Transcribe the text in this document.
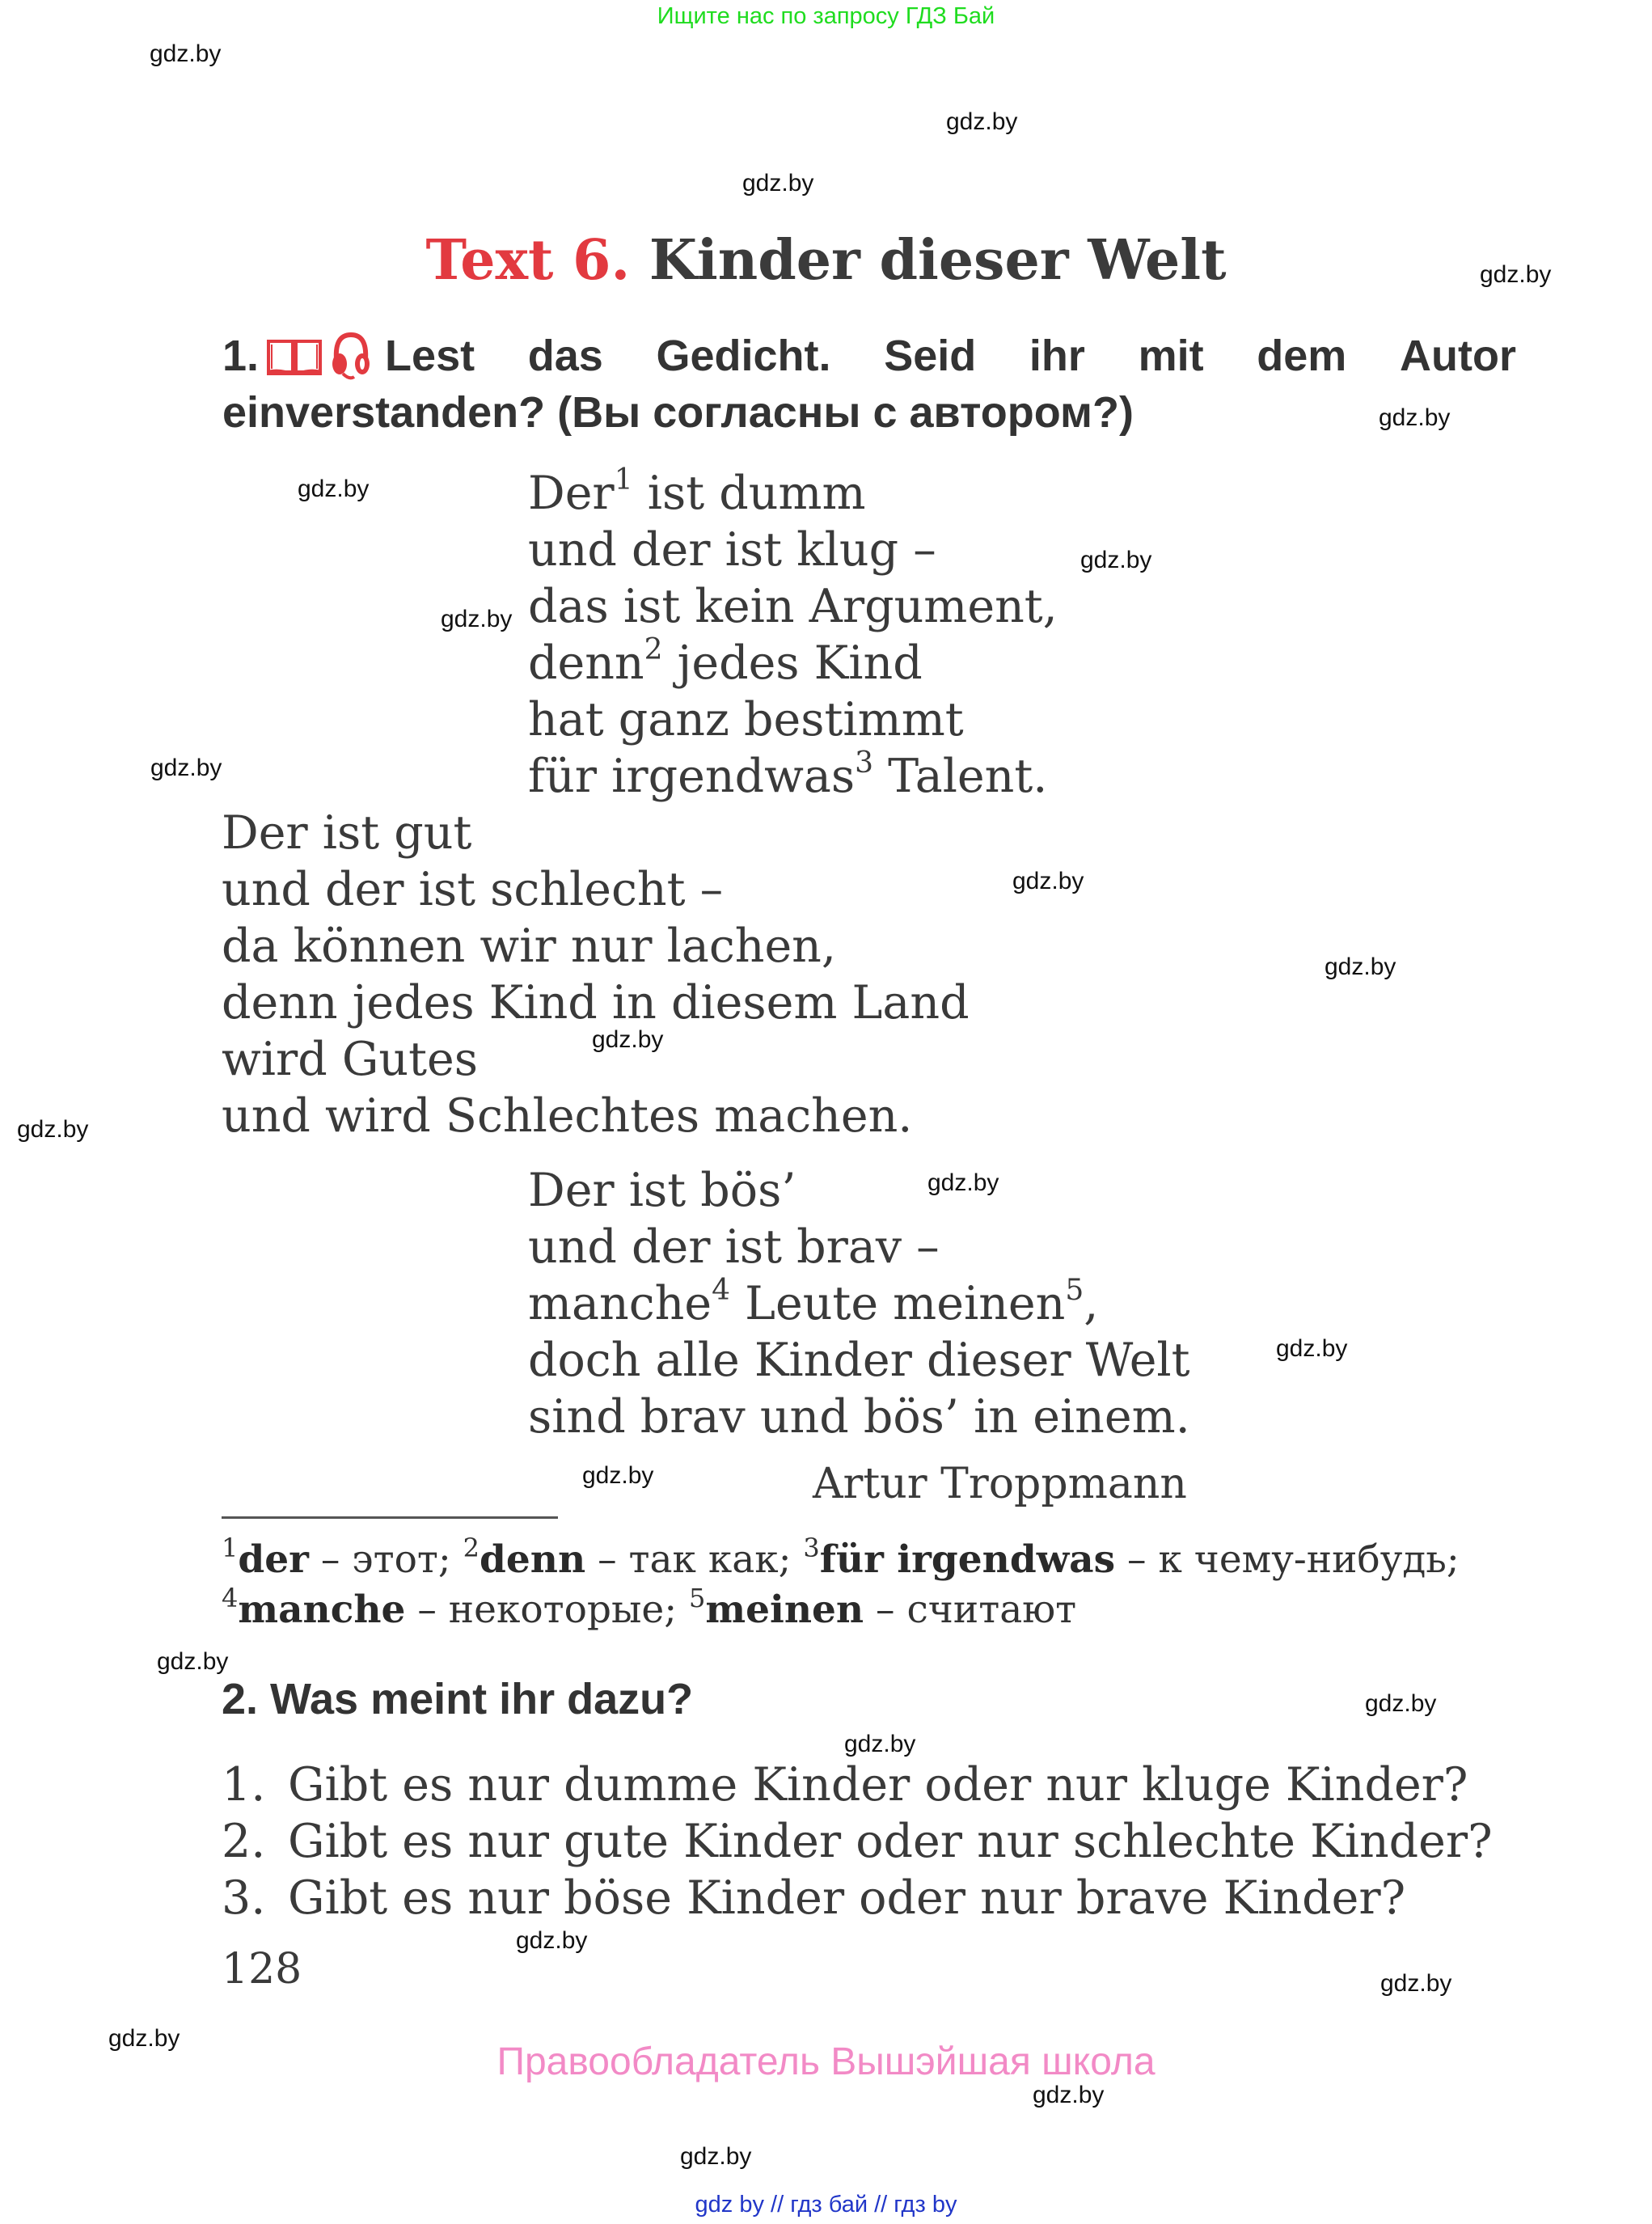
Ищите нас по запросу ГДЗ Бай
gdz.by
gdz.by
gdz.by
gdz.by
gdz.by
gdz.by
gdz.by
gdz.by
gdz.by
gdz.by
gdz.by
gdz.by
gdz.by
gdz.by
gdz.by
gdz.by
gdz.by
gdz.by
gdz.by
gdz.by
gdz.by
gdz.by
gdz.by
gdz.by
Text 6. Kinder dieser Welt
1.	Lest das Gedicht. Seid ihr mit dem Autor
einverstanden? (Вы согласны с автором?)
Der$^1$ ist dumm
und der ist klug –
das ist kein Argument,
denn$^2$ jedes Kind
hat ganz bestimmt
für irgendwas$^3$ Talent.
Der ist gut
und der ist schlecht –
da können wir nur lachen,
denn jedes Kind in diesem Land
wird Gutes
und wird Schlechtes machen.
Der ist bös’
und der ist brav –
manche$^4$ Leute meinen$^5$,
doch alle Kinder dieser Welt
sind brav und bös’ in einem.
Artur Troppmann
$^1$der – этот; $^2$denn – так как; $^3$für irgendwas – к чему-нибудь;
$^4$manche – некоторые; $^5$meinen – считают
2. Was meint ihr dazu?
1. Gibt es nur dumme Kinder oder nur kluge Kinder?
2. Gibt es nur gute Kinder oder nur schlechte Kinder?
3. Gibt es nur böse Kinder oder nur brave Kinder?
128
Правообладатель Вышэйшая школа
gdz by // гдз бай // гдз by
